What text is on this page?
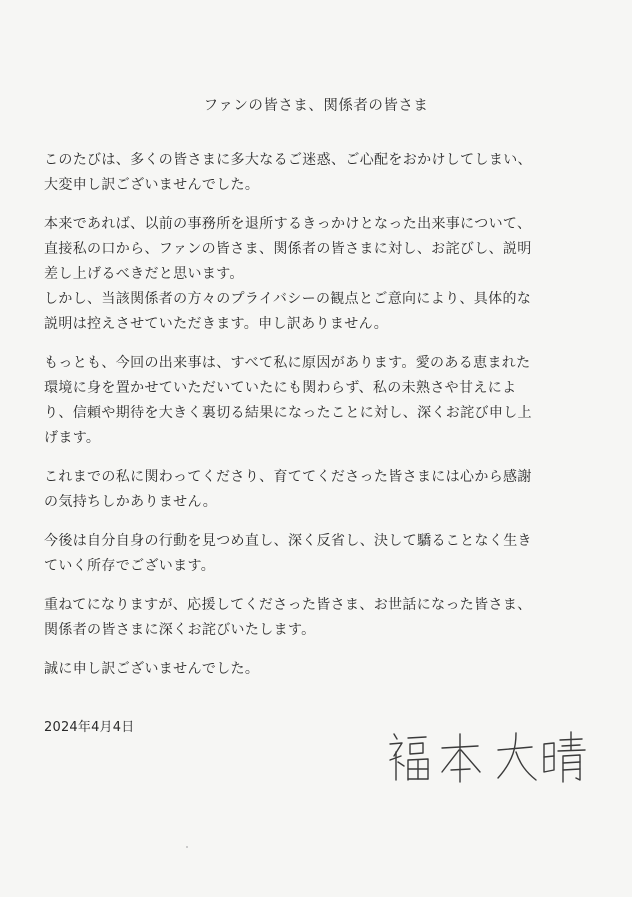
ファンの皆さま、関係者の皆さま

このたびは、多くの皆さまに多大なるご迷惑、ご心配をおかけしてしまい、
大変申し訳ございませんでした。

本来であれば、以前の事務所を退所するきっかけとなった出来事について、
直接私の口から、ファンの皆さま、関係者の皆さまに対し、お詫びし、説明
差し上げるべきだと思います。
しかし、当該関係者の方々のプライバシーの観点とご意向により、具体的な
説明は控えさせていただきます。申し訳ありません。

もっとも、今回の出来事は、すべて私に原因があります。愛のある恵まれた
環境に身を置かせていただいていたにも関わらず、私の未熟さや甘えによ
り、信頼や期待を大きく裏切る結果になったことに対し、深くお詫び申し上
げます。

これまでの私に関わってくださり、育ててくださった皆さまには心から感謝
の気持ちしかありません。

今後は自分自身の行動を見つめ直し、深く反省し、決して驕ることなく生き
ていく所存でございます。

重ねてになりますが、応援してくださった皆さま、お世話になった皆さま、
関係者の皆さまに深くお詫びいたします。

誠に申し訳ございませんでした。

2024年4月4日
